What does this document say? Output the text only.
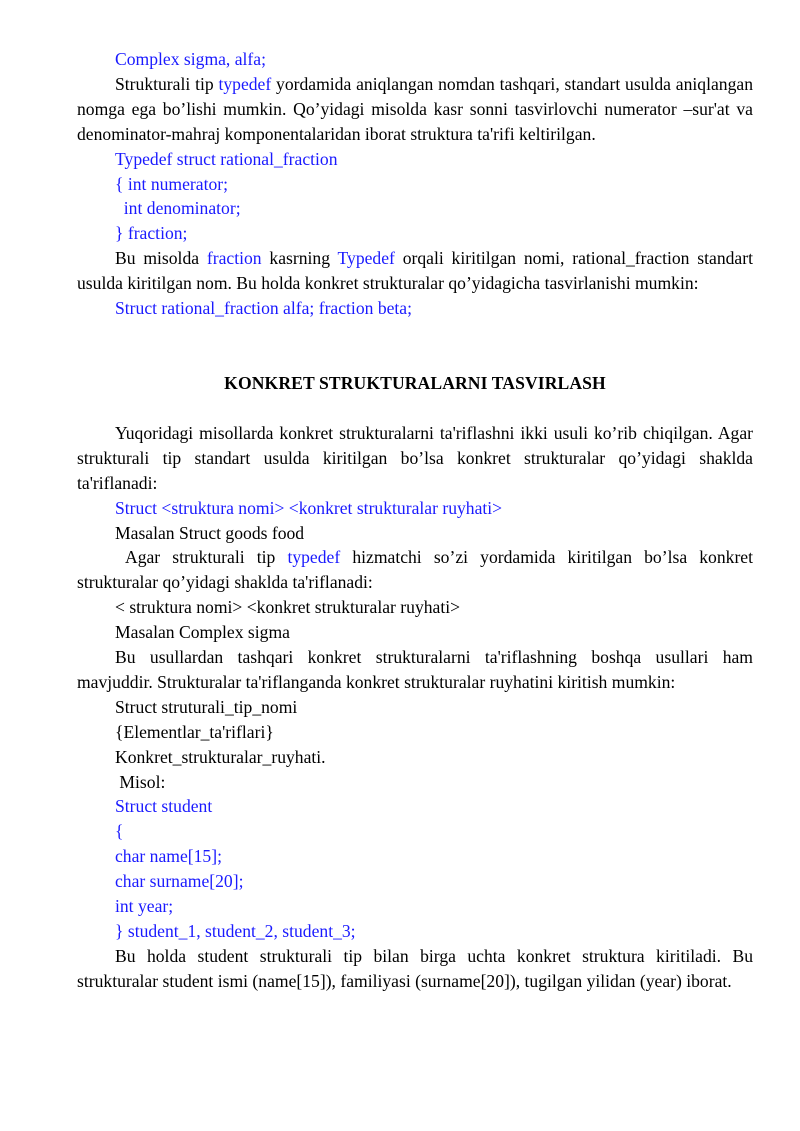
Complex sigma, alfa;

Strukturali tip typedef yordamida aniqlangan nomdan tashqari, standart usulda aniqlangan nomga ega bo’lishi mumkin. Qo’yidagi misolda kasr sonni tasvirlovchi numerator –sur'at va denominator-mahraj komponentalaridan iborat struktura ta'rifi keltirilgan.

Typedef struct rational_fraction

{ int numerator;

int denominator;

} fraction;

Bu misolda fraction kasrning Typedef orqali kiritilgan nomi, rational_fraction standart usulda kiritilgan nom. Bu holda konkret strukturalar qo’yidagicha tasvirlanishi mumkin:

Struct rational_fraction alfa; fraction beta;

KONKRET STRUKTURALARNI TASVIRLASH

Yuqoridagi misollarda konkret strukturalarni ta'riflashni ikki usuli ko’rib chiqilgan. Agar strukturali tip standart usulda kiritilgan bo’lsa konkret strukturalar qo’yidagi shaklda ta'riflanadi:

Struct <struktura nomi> <konkret strukturalar ruyhati>

Masalan Struct goods food

Agar strukturali tip typedef hizmatchi so’zi yordamida kiritilgan bo’lsa konkret strukturalar qo’yidagi shaklda ta'riflanadi:

< struktura nomi> <konkret strukturalar ruyhati>

Masalan Complex sigma

Bu usullardan tashqari konkret strukturalarni ta'riflashning boshqa usullari ham mavjuddir. Strukturalar ta'riflanganda konkret strukturalar ruyhatini kiritish mumkin:

Struct struturali_tip_nomi

{Elementlar_ta'riflari}

Konkret_strukturalar_ruyhati.

Misol:

Struct student

{

char name[15];

char surname[20];

int year;

} student_1, student_2, student_3;

Bu holda student strukturali tip bilan birga uchta konkret struktura kiritiladi. Bu strukturalar student ismi (name[15]), familiyasi (surname[20]), tugilgan yilidan (year) iborat.
